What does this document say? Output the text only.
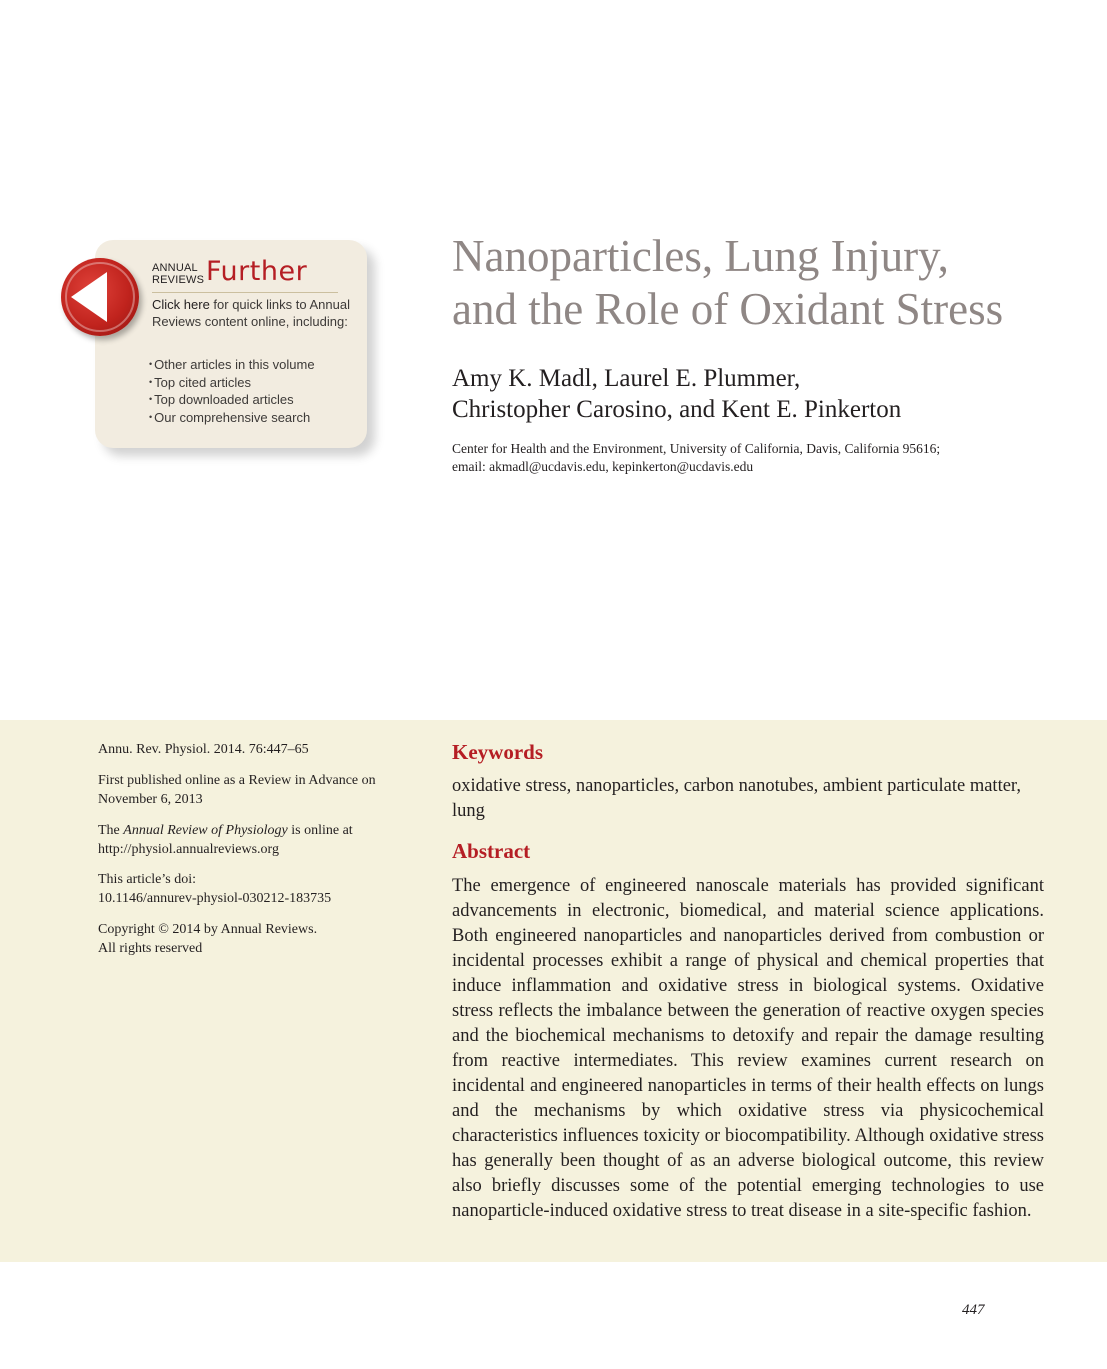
ANNUAL
REVIEWS Further
Click here for quick links to Annual Reviews content online, including:
• Other articles in this volume
• Top cited articles
• Top downloaded articles
• Our comprehensive search
Nanoparticles, Lung Injury,
and the Role of Oxidant Stress
Amy K. Madl, Laurel E. Plummer,
Christopher Carosino, and Kent E. Pinkerton
Center for Health and the Environment, University of California, Davis, California 95616;
email: akmadl@ucdavis.edu, kepinkerton@ucdavis.edu
Annu. Rev. Physiol. 2014. 76:447–65
First published online as a Review in Advance on
November 6, 2013
The Annual Review of Physiology is online at
http://physiol.annualreviews.org
This article’s doi:
10.1146/annurev-physiol-030212-183735
Copyright © 2014 by Annual Reviews.
All rights reserved
Keywords
oxidative stress, nanoparticles, carbon nanotubes, ambient particulate matter, lung
Abstract

The emergence of engineered nanoscale materials has provided significant advancements in electronic, biomedical, and material science applications. Both engineered nanoparticles and nanoparticles derived from combustion or incidental processes exhibit a range of physical and chemical properties that induce inflammation and oxidative stress in biological systems. Oxidative stress reflects the imbalance between the generation of reactive oxygen species and the biochemical mechanisms to detoxify and repair the damage resulting from reactive intermediates. This review examines current research on incidental and engineered nanoparticles in terms of their health effects on lungs and the mechanisms by which oxidative stress via physicochemical characteristics influences toxicity or biocompatibility. Although oxidative stress has generally been thought of as an adverse biological outcome, this review also briefly discusses some of the potential emerging technologies to use nanoparticle-induced oxidative stress to treat disease in a site-specific fashion.

447
